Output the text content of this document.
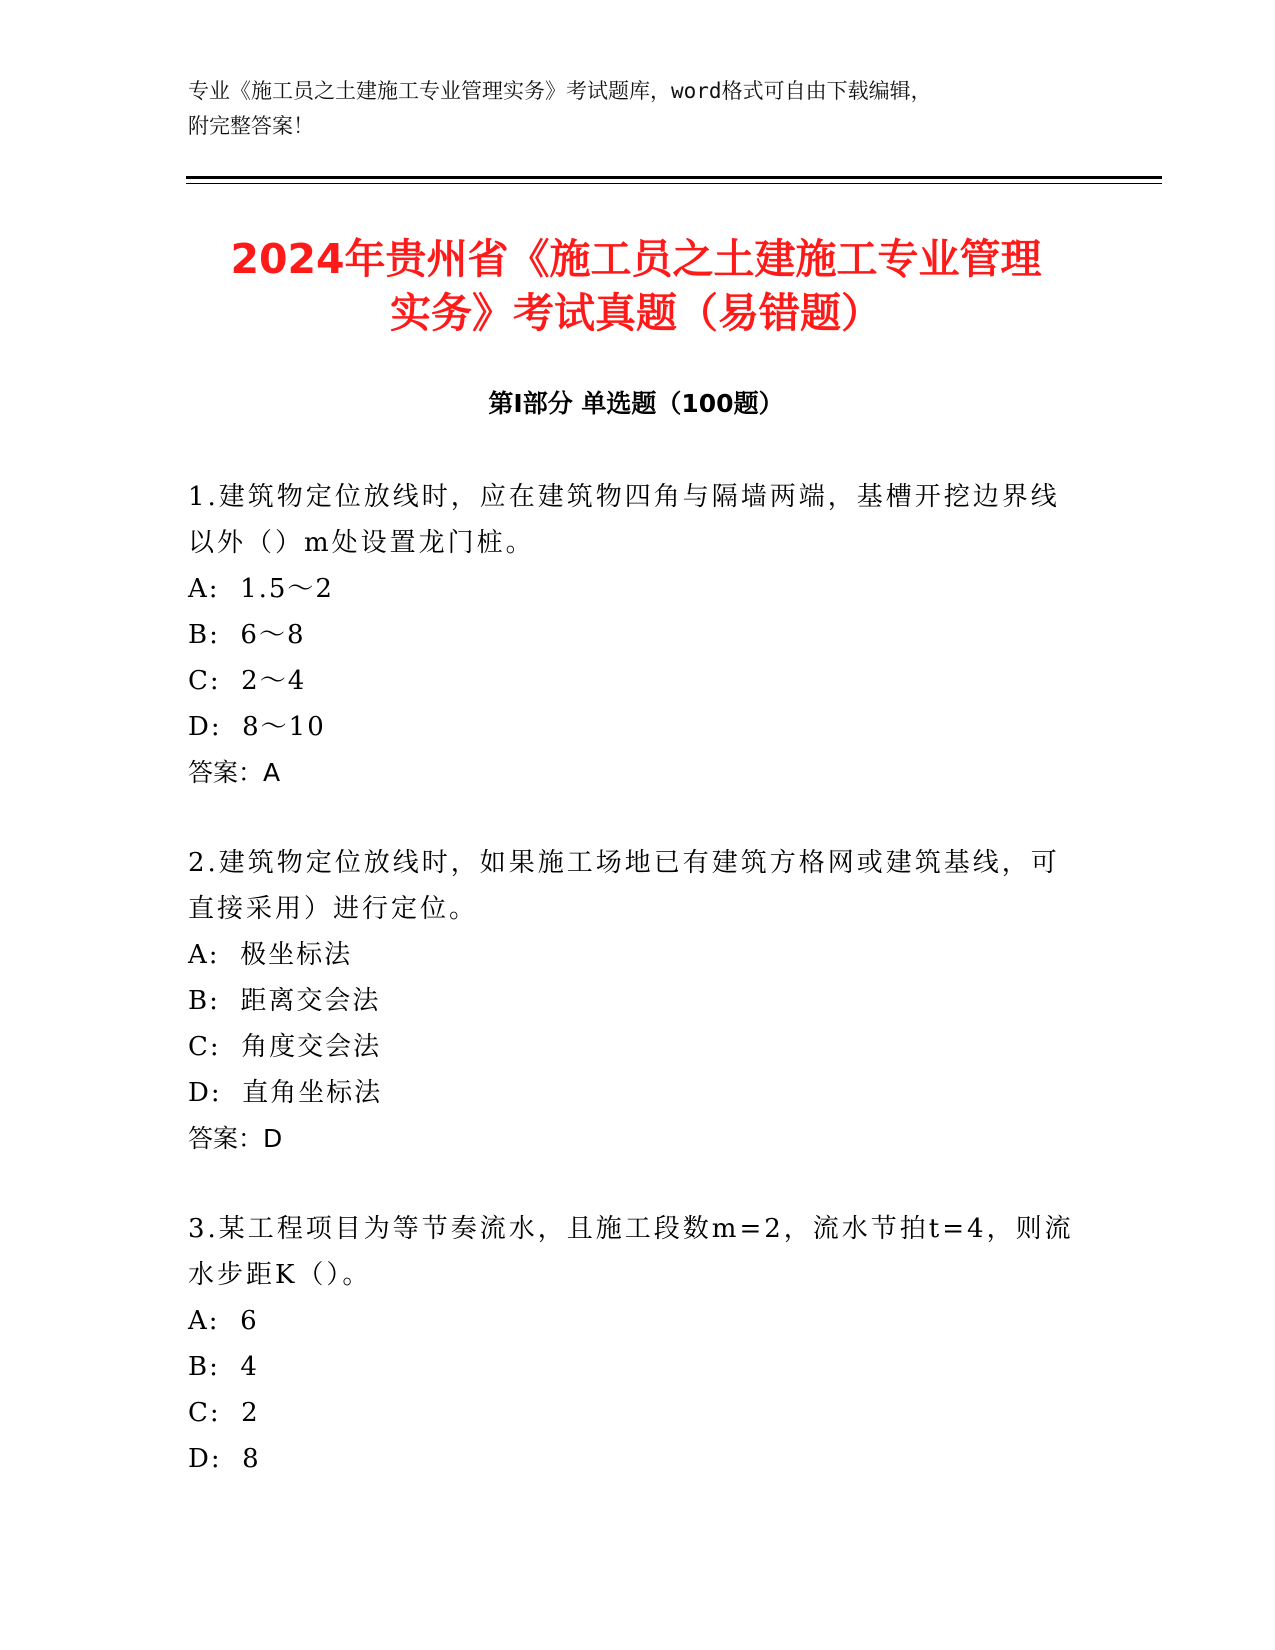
专业《施工员之土建施工专业管理实务》考试题库，word格式可自由下载编辑，
附完整答案！
2024年贵州省《施工员之土建施工专业管理
实务》考试真题（易错题）
第Ⅰ部分 单选题（100题）

1.建筑物定位放线时，应在建筑物四角与隔墙两端，基槽开挖边界线以外（）m处设置龙门桩。

A:  1.5～2

B:  6～8

C:  2～4

D:  8～10

答案：A

2.建筑物定位放线时，如果施工场地已有建筑方格网或建筑基线，可直接采用）进行定位。

A:  极坐标法

B:  距离交会法

C:  角度交会法

D:  直角坐标法

答案：D

3.某工程项目为等节奏流水，且施工段数m=2，流水节拍t=4，则流水步距K（）。

A:  6

B:  4

C:  2

D:  8
